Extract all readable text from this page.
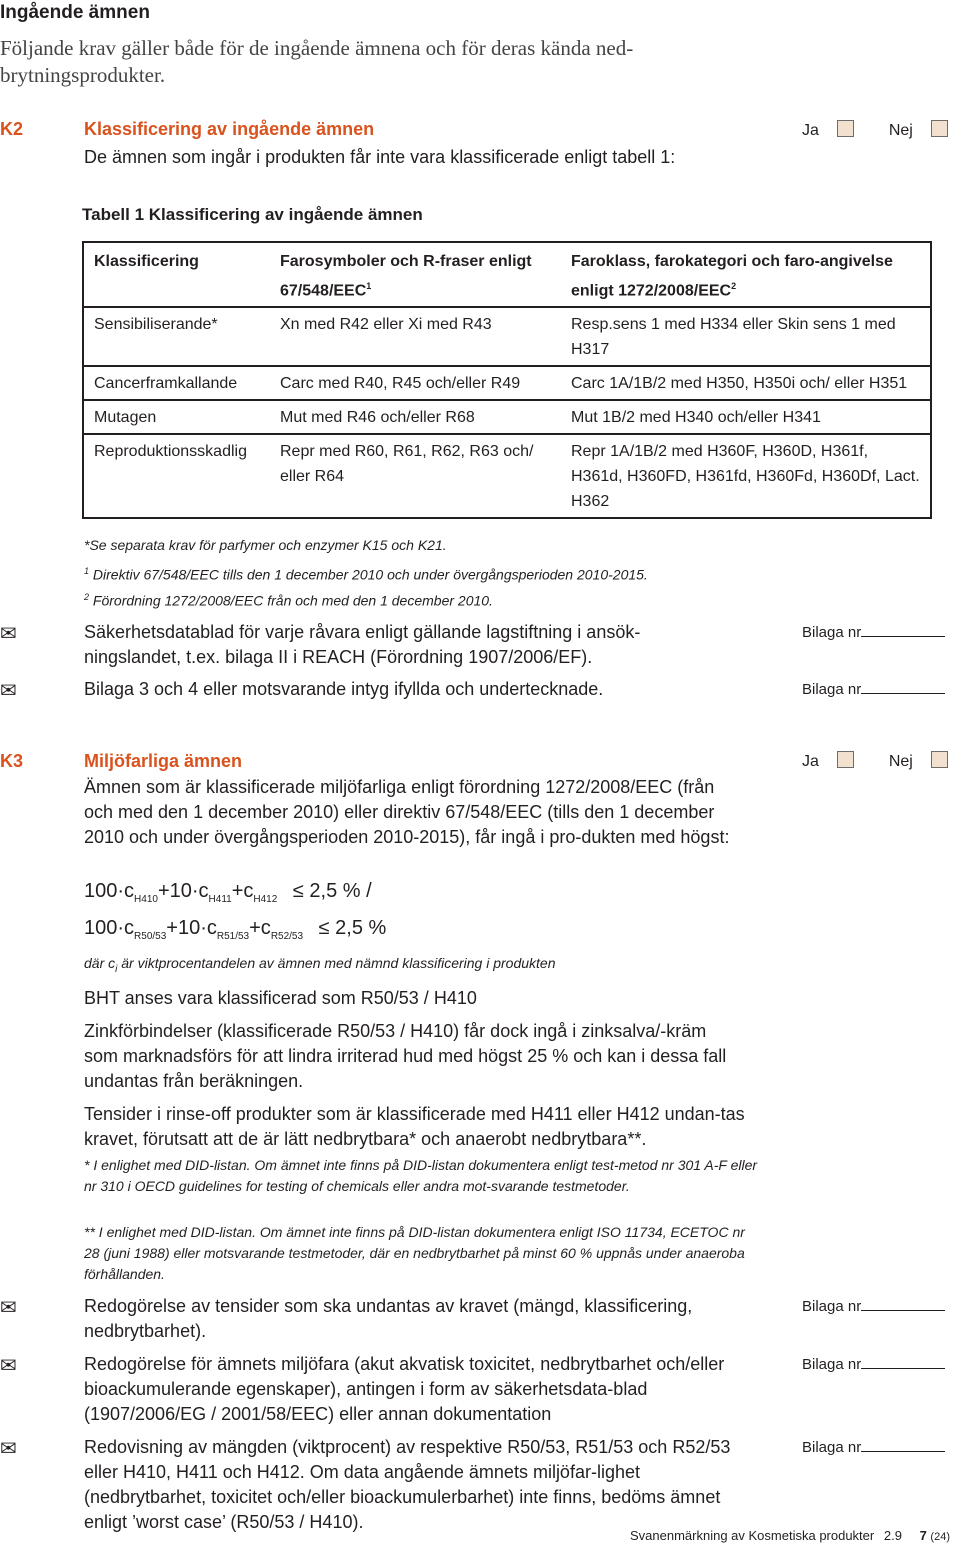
Ingående ämnen
Följande krav gäller både för de ingående ämnena och för deras kända ned-brytningsprodukter.
K2	Klassificering av ingående ämnen
De ämnen som ingår i produkten får inte vara klassificerade enligt tabell 1:
Ja	Nej
Tabell 1 Klassificering av ingående ämnen
Klassificering	Farosymboler och R-fraser enligt 67/548/EEC$^1$	Faroklass, farokategori och faro-angivelse enligt 1272/2008/EEC$^2$
Sensibiliserande*	Xn med R42 eller Xi med R43	Resp.sens 1 med H334 eller Skin sens 1 med H317
Cancerframkallande	Carc med R40, R45 och/eller R49	Carc 1A/1B/2 med H350, H350i och/ eller H351
Mutagen	Mut med R46 och/eller R68	Mut 1B/2 med H340 och/eller H341
Reproduktionsskadlig	Repr med R60, R61, R62, R63 och/ eller R64	Repr 1A/1B/2 med H360F, H360D, H361f, H361d, H360FD, H361fd, H360Fd, H360Df, Lact. H362
*Se separata krav för parfymer och enzymer K15 och K21.
$^1$ Direktiv 67/548/EEC tills den 1 december 2010 och under övergångsperioden 2010-2015.
$^2$ Förordning 1272/2008/EEC från och med den 1 december 2010.
✉	Säkerhetsdatablad för varje råvara enligt gällande lagstiftning i ansök-ningslandet, t.ex. bilaga II i REACH (Förordning 1907/2006/EF).
Bilaga nr
✉	Bilaga 3 och 4 eller motsvarande intyg ifyllda och undertecknade.	Bilaga nr
K3	Miljöfarliga ämnen	Ja	Nej
Ämnen som är klassificerade miljöfarliga enligt förordning 1272/2008/EEC (från och med den 1 december 2010) eller direktiv 67/548/EEC (tills den 1 december 2010 och under övergångsperioden 2010-2015), får ingå i pro-dukten med högst:
$100\cdot c_{H410}+10\cdot c_{H411}+c_{H412} \le 2,5$ % /
$100\cdot c_{R50/53}+10\cdot c_{R51/53}+c_{R52/53} \le 2,5$ %
där $c_i$ är viktprocentandelen av ämnen med nämnd klassificering i produkten
BHT anses vara klassificerad som R50/53 / H410
Zinkförbindelser (klassificerade R50/53 / H410) får dock ingå i zinksalva/-kräm som marknadsförs för att lindra irriterad hud med högst 25 % och kan i dessa fall undantas från beräkningen.
Tensider i rinse-off produkter som är klassificerade med H411 eller H412 undan-tas kravet, förutsatt att de är lätt nedbrytbara* och anaerobt nedbrytbara**.
* I enlighet med DID-listan. Om ämnet inte finns på DID-listan dokumentera enligt test-metod nr 301 A-F eller nr 310 i OECD guidelines for testing of chemicals eller andra mot-svarande testmetoder.
** I enlighet med DID-listan. Om ämnet inte finns på DID-listan dokumentera enligt ISO 11734, ECETOC nr 28 (juni 1988) eller motsvarande testmetoder, där en nedbrytbarhet på minst 60 % uppnås under anaeroba förhållanden.
✉	Redogörelse av tensider som ska undantas av kravet (mängd, klassificering, nedbrytbarhet).
Bilaga nr
✉	Redogörelse för ämnets miljöfara (akut akvatisk toxicitet, nedbrytbarhet och/eller bioackumulerande egenskaper), antingen i form av säkerhetsdata-blad (1907/2006/EG / 2001/58/EEC) eller annan dokumentation
Bilaga nr
✉	Redovisning av mängden (viktprocent) av respektive R50/53, R51/53 och R52/53 eller H410, H411 och H412. Om data angående ämnets miljöfar-lighet (nedbrytbarhet, toxicitet och/eller bioackumulerbarhet) inte finns, bedöms ämnet enligt ’worst case’ (R50/53 / H410).
Bilaga nr
Svanenmärkning av Kosmetiska produkter 2.9 7 (24)
